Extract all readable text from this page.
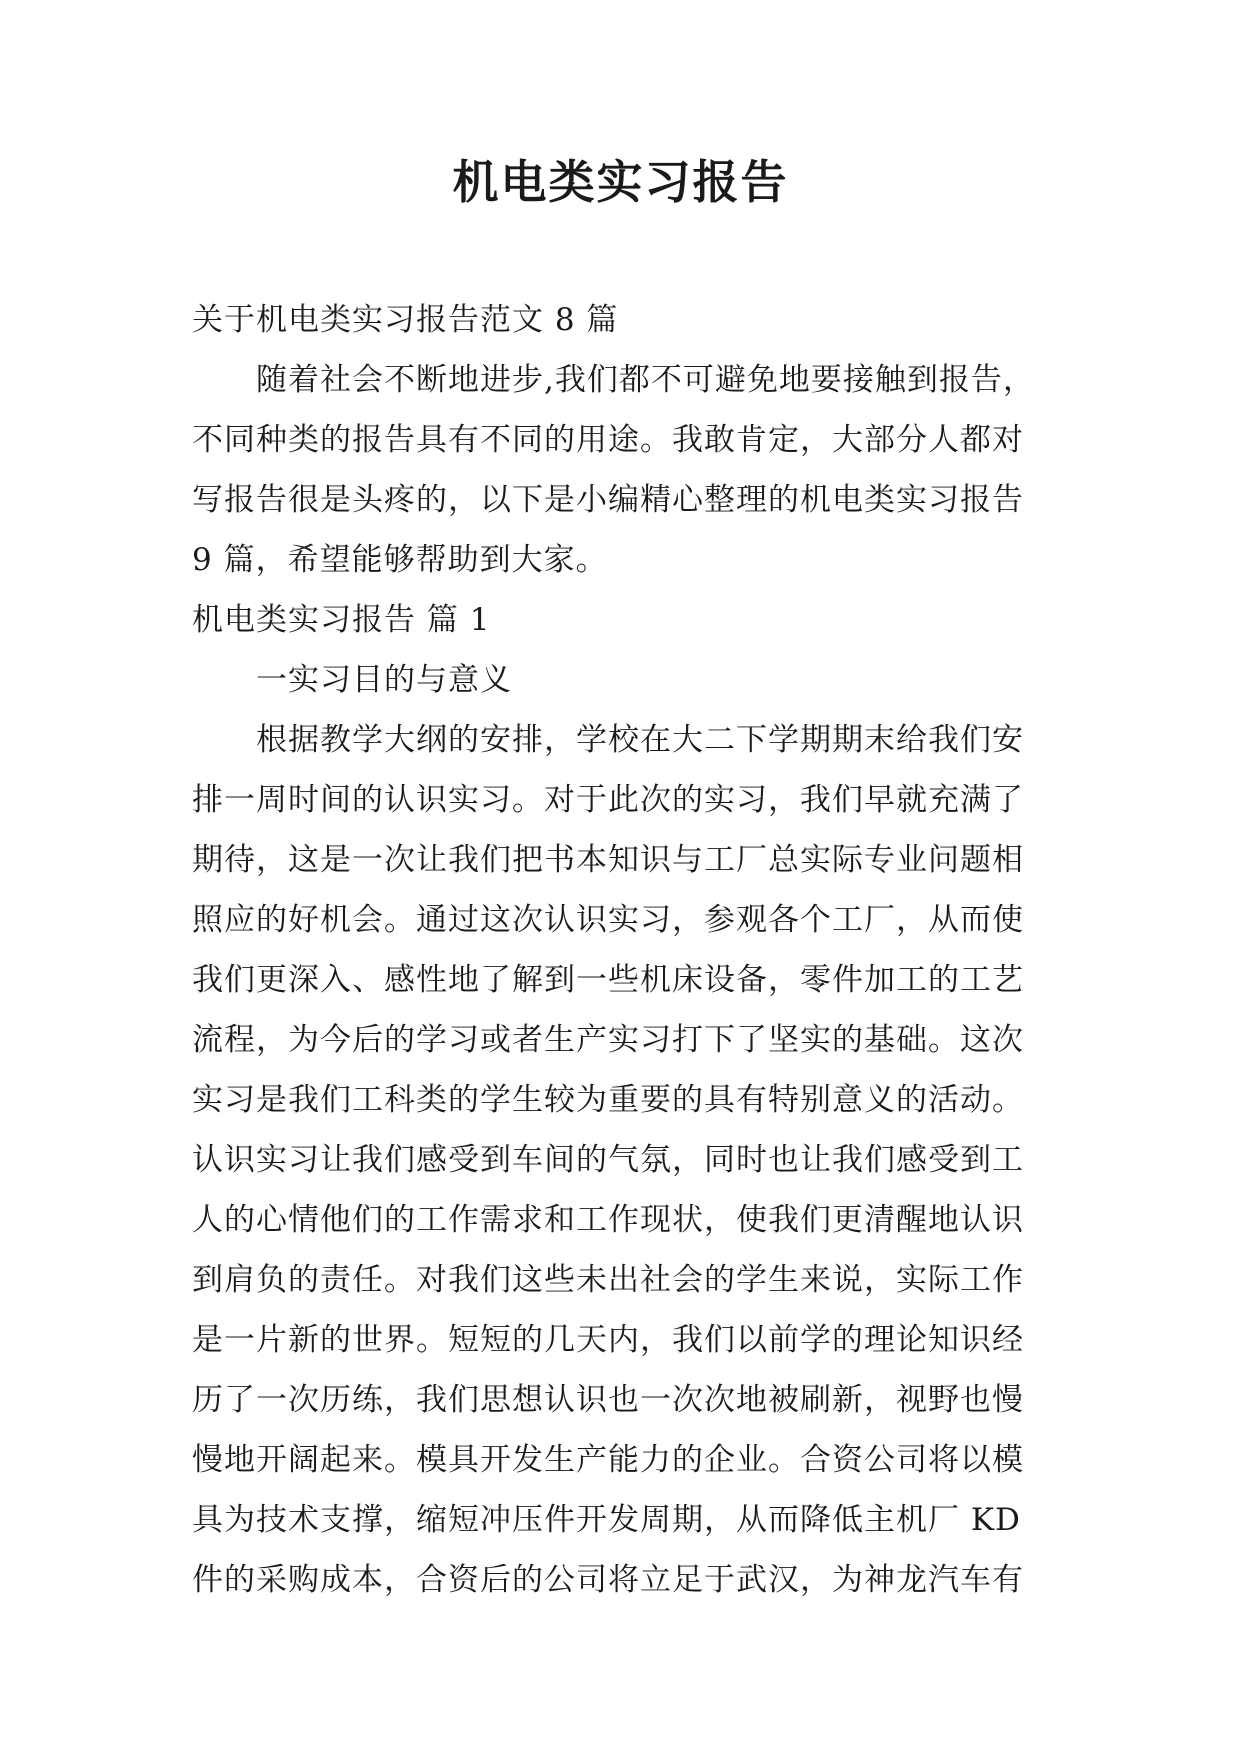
机电类实习报告

关于机电类实习报告范文 8 篇

随着社会不断地进步,我们都不可避免地要接触到报告，

不同种类的报告具有不同的用途。我敢肯定，大部分人都对

写报告很是头疼的，以下是小编精心整理的机电类实习报告

9 篇，希望能够帮助到大家。

机电类实习报告 篇 1

一实习目的与意义

根据教学大纲的安排，学校在大二下学期期末给我们安

排一周时间的认识实习。对于此次的实习，我们早就充满了

期待，这是一次让我们把书本知识与工厂总实际专业问题相

照应的好机会。通过这次认识实习，参观各个工厂，从而使

我们更深入、感性地了解到一些机床设备，零件加工的工艺

流程，为今后的学习或者生产实习打下了坚实的基础。这次

实习是我们工科类的学生较为重要的具有特别意义的活动。

认识实习让我们感受到车间的气氛，同时也让我们感受到工

人的心情他们的工作需求和工作现状，使我们更清醒地认识

到肩负的责任。对我们这些未出社会的学生来说，实际工作

是一片新的世界。短短的几天内，我们以前学的理论知识经

历了一次历练，我们思想认识也一次次地被刷新，视野也慢

慢地开阔起来。模具开发生产能力的企业。合资公司将以模

具为技术支撑，缩短冲压件开发周期，从而降低主机厂 KD

件的采购成本，合资后的公司将立足于武汉，为神龙汽车有
